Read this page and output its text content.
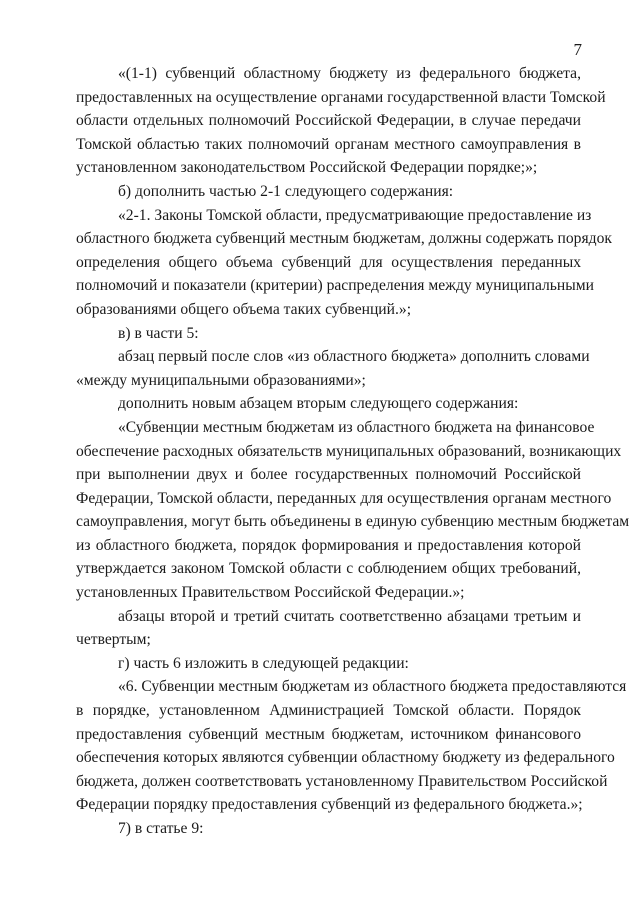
7
«(1-1) субвенций областному бюджету из федерального бюджета,
предоставленных на осуществление органами государственной власти Томской
области отдельных полномочий Российской Федерации, в случае передачи
Томской областью таких полномочий органам местного самоуправления в
установленном законодательством Российской Федерации порядке;»;
б) дополнить частью 2-1 следующего содержания:
«2-1. Законы Томской области, предусматривающие предоставление из
областного бюджета субвенций местным бюджетам, должны содержать порядок
определения общего объема субвенций для осуществления переданных
полномочий и показатели (критерии) распределения между муниципальными
образованиями общего объема таких субвенций.»;
в) в части 5:
абзац первый после слов «из областного бюджета» дополнить словами
«между муниципальными образованиями»;
дополнить новым абзацем вторым следующего содержания:
«Субвенции местным бюджетам из областного бюджета на финансовое
обеспечение расходных обязательств муниципальных образований, возникающих
при выполнении двух и более государственных полномочий Российской
Федерации, Томской области, переданных для осуществления органам местного
самоуправления, могут быть объединены в единую субвенцию местным бюджетам
из областного бюджета, порядок формирования и предоставления которой
утверждается законом Томской области с соблюдением общих требований,
установленных Правительством Российской Федерации.»;
абзацы второй и третий считать соответственно абзацами третьим и
четвертым;
г) часть 6 изложить в следующей редакции:
«6. Субвенции местным бюджетам из областного бюджета предоставляются
в порядке, установленном Администрацией Томской области. Порядок
предоставления субвенций местным бюджетам, источником финансового
обеспечения которых являются субвенции областному бюджету из федерального
бюджета, должен соответствовать установленному Правительством Российской
Федерации порядку предоставления субвенций из федерального бюджета.»;
7) в статье 9:
